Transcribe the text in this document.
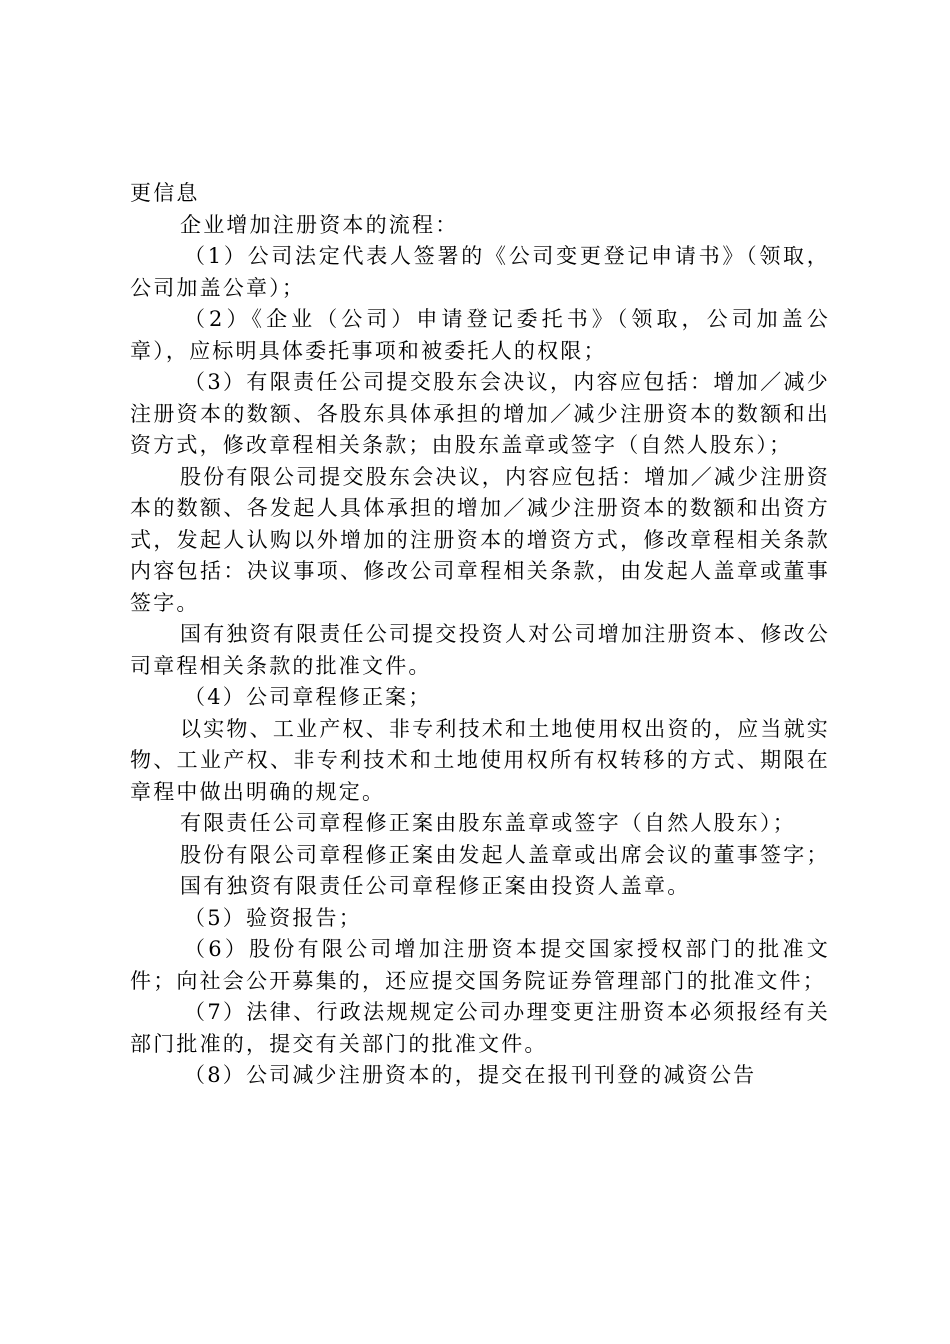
更信息

企业增加注册资本的流程：

（1）公司法定代表人签署的《公司变更登记申请书》（领取，公司加盖公章）；

（2）《企业（公司）申请登记委托书》（领取，公司加盖公章），应标明具体委托事项和被委托人的权限；

（3）有限责任公司提交股东会决议，内容应包括：增加／减少注册资本的数额、各股东具体承担的增加／减少注册资本的数额和出资方式，修改章程相关条款；由股东盖章或签字（自然人股东）；

股份有限公司提交股东会决议，内容应包括：增加／减少注册资本的数额、各发起人具体承担的增加／减少注册资本的数额和出资方式，发起人认购以外增加的注册资本的增资方式，修改章程相关条款内容包括：决议事项、修改公司章程相关条款，由发起人盖章或董事签字。

国有独资有限责任公司提交投资人对公司增加注册资本、修改公司章程相关条款的批准文件。

（4）公司章程修正案；

以实物、工业产权、非专利技术和土地使用权出资的，应当就实物、工业产权、非专利技术和土地使用权所有权转移的方式、期限在章程中做出明确的规定。

有限责任公司章程修正案由股东盖章或签字（自然人股东）；

股份有限公司章程修正案由发起人盖章或出席会议的董事签字；

国有独资有限责任公司章程修正案由投资人盖章。

（5）验资报告；

（6）股份有限公司增加注册资本提交国家授权部门的批准文件；向社会公开募集的，还应提交国务院证券管理部门的批准文件；

（7）法律、行政法规规定公司办理变更注册资本必须报经有关部门批准的，提交有关部门的批准文件。

（8）公司减少注册资本的，提交在报刊刊登的减资公告
